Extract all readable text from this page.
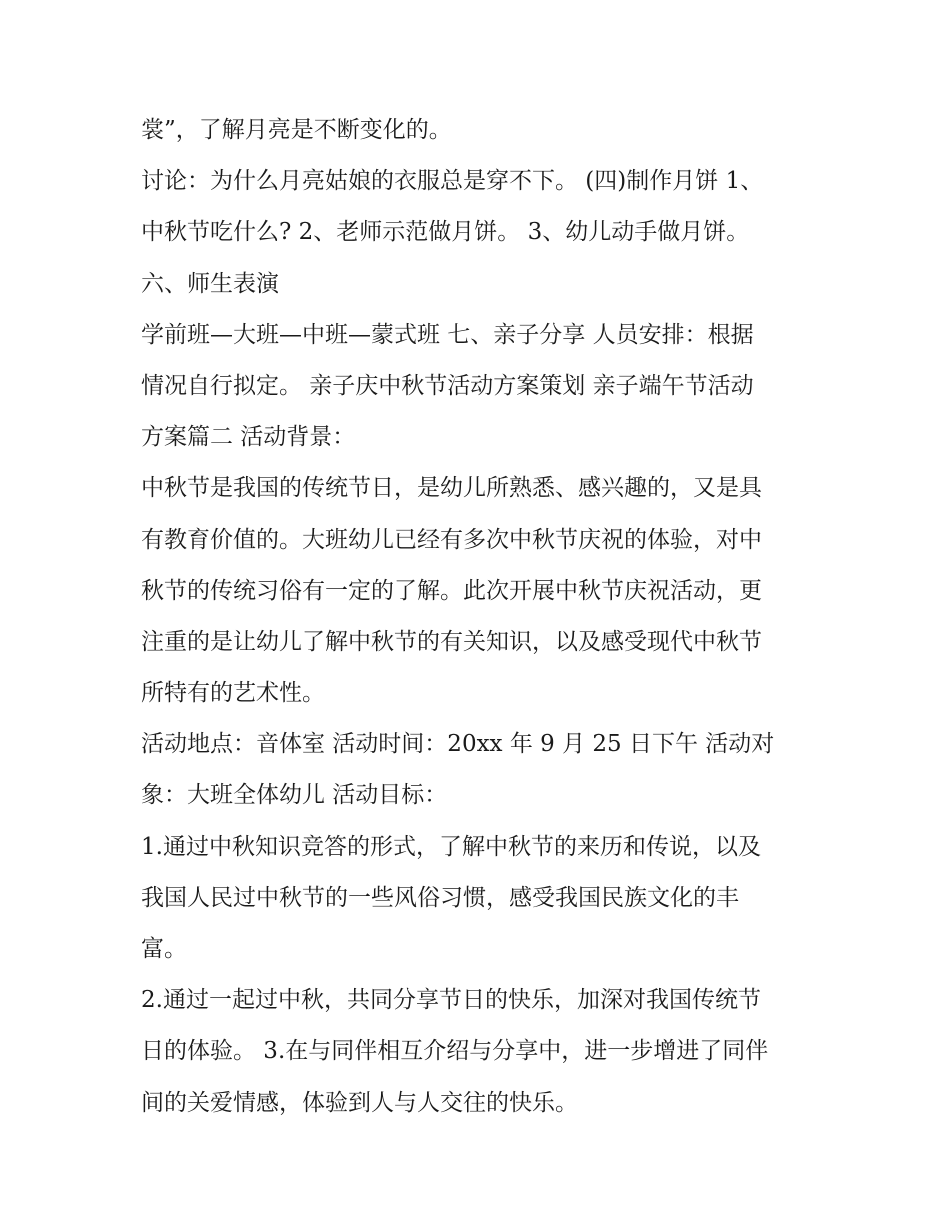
裳”，了解月亮是不断变化的。
讨论：为什么月亮姑娘的衣服总是穿不下。 (四)制作月饼 1、
中秋节吃什么? 2、老师示范做月饼。 3、幼儿动手做月饼。
六、师生表演
学前班—大班—中班—蒙式班 七、亲子分享 人员安排：根据
情况自行拟定。 亲子庆中秋节活动方案策划 亲子端午节活动
方案篇二 活动背景：
中秋节是我国的传统节日，是幼儿所熟悉、感兴趣的，又是具
有教育价值的。大班幼儿已经有多次中秋节庆祝的体验，对中
秋节的传统习俗有一定的了解。此次开展中秋节庆祝活动，更
注重的是让幼儿了解中秋节的有关知识，以及感受现代中秋节
所特有的艺术性。
活动地点：音体室 活动时间：20xx 年 9 月 25 日下午 活动对
象：大班全体幼儿 活动目标：
1.通过中秋知识竞答的形式，了解中秋节的来历和传说，以及
我国人民过中秋节的一些风俗习惯，感受我国民族文化的丰
富。
2.通过一起过中秋，共同分享节日的快乐，加深对我国传统节
日的体验。 3.在与同伴相互介绍与分享中，进一步增进了同伴
间的关爱情感，体验到人与人交往的快乐。
